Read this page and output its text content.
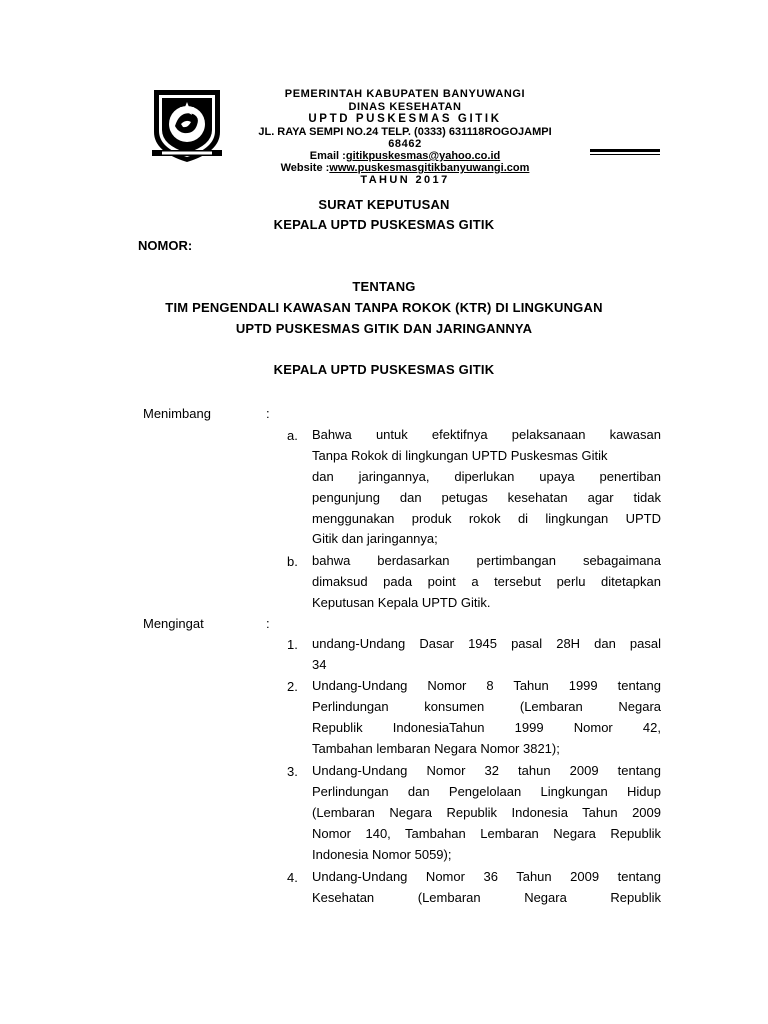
PEMERINTAH KABUPATEN BANYUWANGI
DINAS KESEHATAN
UPTD PUSKESMAS GITIK
JL. RAYA SEMPI NO.24 TELP. (0333) 631118ROGOJAMPI
68462
Email :gitikpuskesmas@yahoo.co.id
Website :www.puskesmasgitikbanyuwangi.com
TAHUN 2017
SURAT KEPUTUSAN
KEPALA UPTD PUSKESMAS GITIK
NOMOR:
TENTANG
TIM PENGENDALI KAWASAN TANPA ROKOK (KTR) DI LINGKUNGAN
UPTD PUSKESMAS GITIK DAN JARINGANNYA
KEPALA UPTD PUSKESMAS GITIK
Menimbang	:
a.	Bahwa untuk efektifnya pelaksanaan kawasan
Tanpa Rokok di lingkungan UPTD Puskesmas Gitik
dan jaringannya, diperlukan upaya penertiban
pengunjung dan petugas kesehatan agar tidak
menggunakan produk rokok di lingkungan UPTD
Gitik dan jaringannya;
b.	bahwa berdasarkan pertimbangan sebagaimana
dimaksud pada point a tersebut perlu ditetapkan
Keputusan Kepala UPTD Gitik.
Mengingat	:
1.	undang-Undang Dasar 1945 pasal 28H dan pasal
34
2.	Undang-Undang Nomor 8 Tahun 1999 tentang
Perlindungan konsumen (Lembaran Negara
Republik IndonesiaTahun 1999 Nomor 42,
Tambahan lembaran Negara Nomor 3821);
3.	Undang-Undang Nomor 32 tahun 2009 tentang
Perlindungan dan Pengelolaan Lingkungan Hidup
(Lembaran Negara Republik Indonesia Tahun 2009
Nomor 140, Tambahan Lembaran Negara Republik
Indonesia Nomor 5059);
4.	Undang-Undang Nomor 36 Tahun 2009 tentang
Kesehatan (Lembaran Negara Republik
